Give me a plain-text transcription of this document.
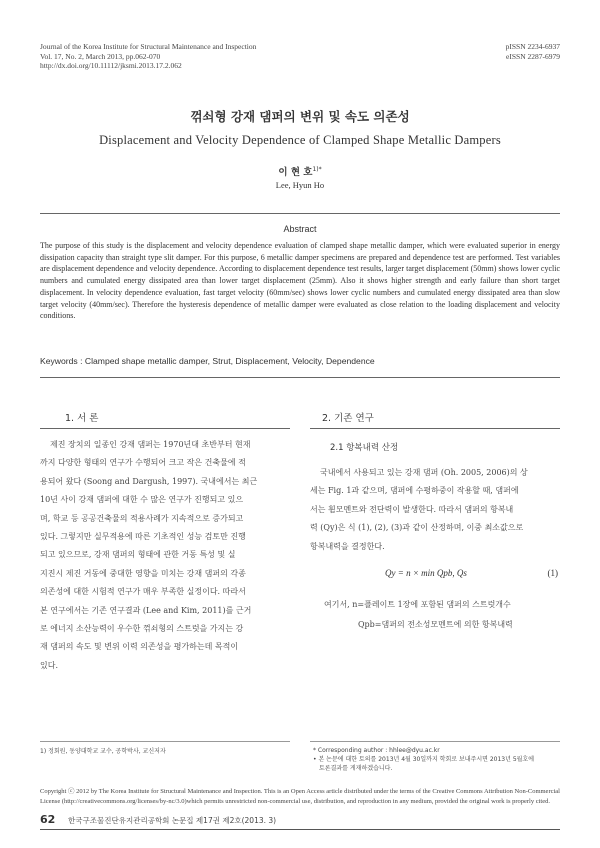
Journal of the Korea Institute for Structural Maintenance and Inspection
Vol. 17, No. 2, March 2013, pp.062-070
http://dx.doi.org/10.11112/jksmi.2013.17.2.062
pISSN 2234-6937
eISSN 2287-6979
꺾쇠형 강재 댐퍼의 변위 및 속도 의존성
Displacement and Velocity Dependence of Clamped Shape Metallic Dampers
이 현 호$^{1)*}$
Lee, Hyun Ho
Abstract
The purpose of this study is the displacement and velocity dependence evaluation of clamped shape metallic damper, which were evaluated superior in energy dissipation capacity than straight type slit damper. For this purpose, 6 metallic damper specimens are prepared and dependence test are performed. Test variables are displacement dependence and velocity dependence. According to displacement dependence test results, larger target displacement (50mm) shows lower cyclic numbers and cumulated energy dissipated area than lower target displacement (25mm). Also it shows higher strength and early failure than short target displacement. In velocity dependence evaluation, fast target velocity (60mm/sec) shows lower cyclic numbers and cumulated energy dissipated area than slow target velocity (40mm/sec). Therefore the hysteresis dependence of metallic damper were evaluated as close relation to the loading displacement and velocity conditions.
Keywords : Clamped shape metallic damper, Strut, Displacement, Velocity, Dependence
1. 서 론	2. 기존 연구
2.1 항복내력 산정
제진 장치의 일종인 강재 댐퍼는 1970년대 초반부터 현재
까지 다양한 형태의 연구가 수행되어 크고 작은 건축물에 적
용되어 왔다 (Soong and Dargush, 1997). 국내에서는 최근
10년 사이 강재 댐퍼에 대한 수 많은 연구가 진행되고 있으
며, 학교 등 공공건축물의 적용사례가 지속적으로 증가되고
있다. 그렇지만 실무적용에 따른 기초적인 성능 검토만 진행
되고 있으므로, 강재 댐퍼의 형태에 관한 거동 특성 및 실
지진시 제진 거동에 중대한 영향을 미치는 강재 댐퍼의 각종
의존성에 대한 시험적 연구가 매우 부족한 실정이다. 따라서
본 연구에서는 기존 연구결과 (Lee and Kim, 2011)를 근거
로 에너지 소산능력이 우수한 꺾쇠형의 스트럿을 가지는 강
재 댐퍼의 속도 및 변위 이력 의존성을 평가하는데 목적이
있다.
국내에서 사용되고 있는 강재 댐퍼 (Oh. 2005, 2006)의 상
세는 Fig. 1과 같으며, 댐퍼에 수평하중이 작용할 때, 댐퍼에
서는 휨모멘트와 전단력이 발생한다. 따라서 댐퍼의 항복내
력 (Qy)은 식 (1), (2), (3)과 같이 산정하며, 이중 최소값으로
항복내력을 결정한다.
Qy = n × min Qpb, Qs	(1)
여기서, n=플레이트 1장에 포함된 댐퍼의 스트럿개수
Qpb=댐퍼의 전소성모멘트에 의한 항복내력
1) 정회원, 동양대학교 교수, 공학박사, 교신저자	* Corresponding author : hhlee@dyu.ac.kr
• 본 논문에 대한 토의를 2013년 4월 30일까지 학회로 보내주시면 2013년 5월호에
토론결과를 게재하겠습니다.
Copyright ⓒ 2012 by The Korea Institute for Structural Maintenance and Inspection. This is an Open Access article distributed under the terms of the Creative Commons Attribution Non-Commercial License (http://creativecommons.org/licenses/by-nc/3.0)which permits unrestricted non-commercial use, distribution, and reproduction in any medium, provided the original work is properly cited.
62 한국구조물진단유지관리공학회 논문집 제17권 제2호(2013. 3)
